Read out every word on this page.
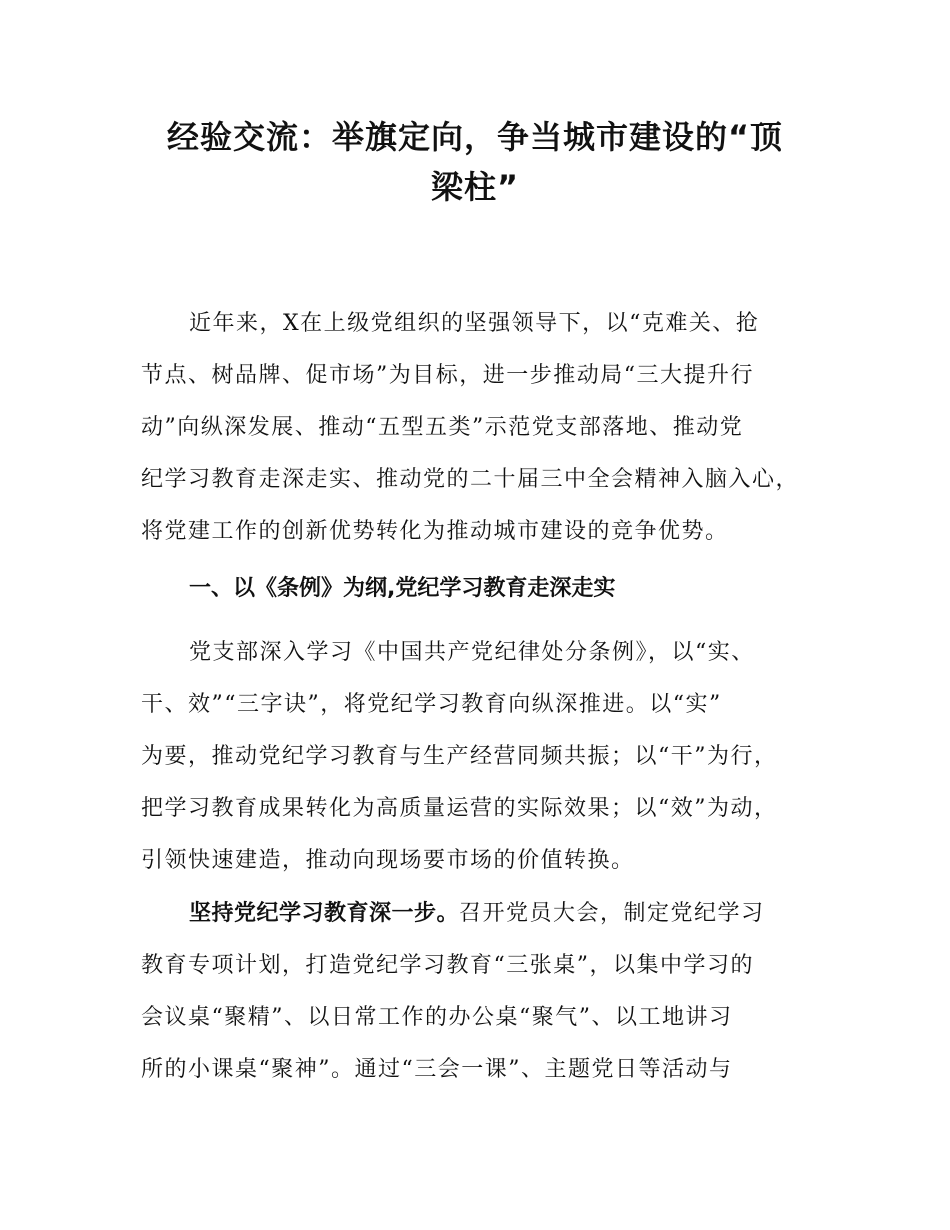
经验交流：举旗定向，争当城市建设的“顶
梁柱”
近年来，X在上级党组织的坚强领导下，以“克难关、抢
节点、树品牌、促市场”为目标，进一步推动局“三大提升行
动”向纵深发展、推动“五型五类”示范党支部落地、推动党
纪学习教育走深走实、推动党的二十届三中全会精神入脑入心，
将党建工作的创新优势转化为推动城市建设的竞争优势。
一、以《条例》为纲,党纪学习教育走深走实
党支部深入学习《中国共产党纪律处分条例》，以“实、
干、效”“三字诀”，将党纪学习教育向纵深推进。以“实”
为要，推动党纪学习教育与生产经营同频共振；以“干”为行，
把学习教育成果转化为高质量运营的实际效果；以“效”为动，
引领快速建造，推动向现场要市场的价值转换。
坚持党纪学习教育深一步。召开党员大会，制定党纪学习
教育专项计划，打造党纪学习教育“三张桌”，以集中学习的
会议桌“聚精”、以日常工作的办公桌“聚气”、以工地讲习
所的小课桌“聚神”。通过“三会一课”、主题党日等活动与
